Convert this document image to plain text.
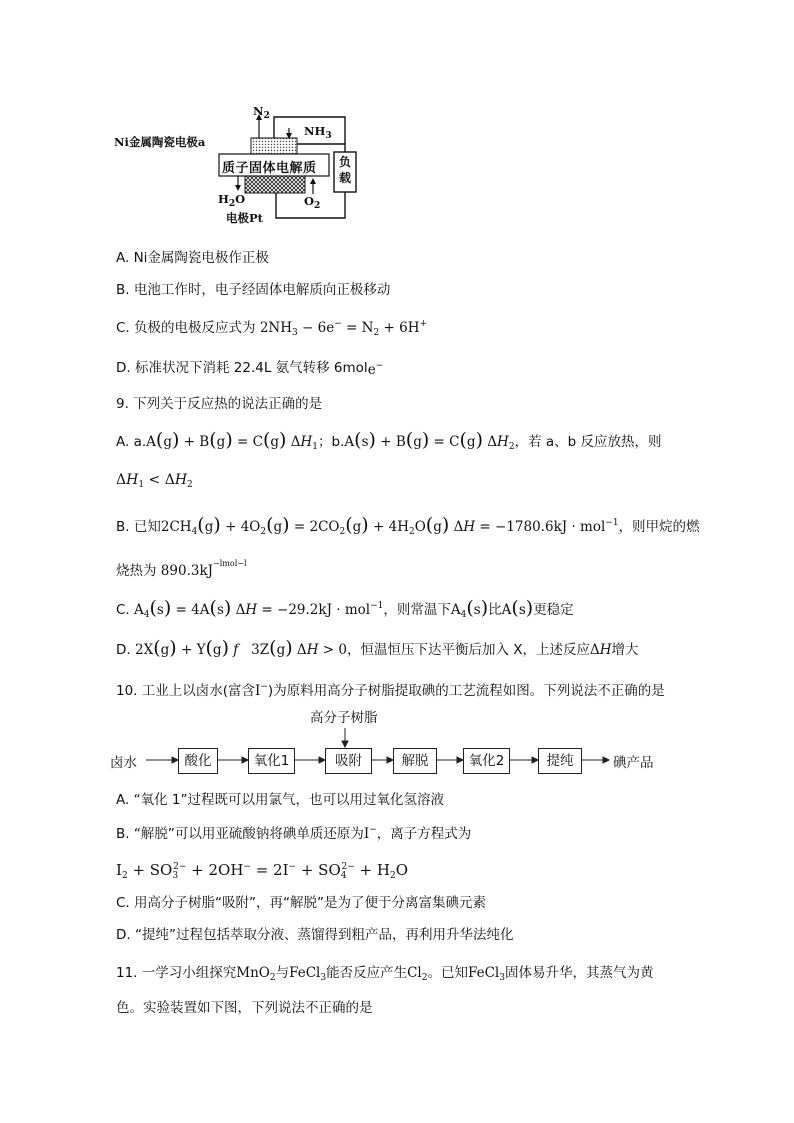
Ni金属陶瓷电极a
$N_2$
$NH_3$
质子固体电解质 负载
$H_2O$	$O_2$
电极Pt
A. Ni金属陶瓷电极作正极
B. 电池工作时，电子经固体电解质向正极移动
C. 负极的电极反应式为 $2NH_3 - 6e^- = N_2 + 6H^+$
D. 标准状况下消耗 22.4L 氨气转移 6mole−
9. 下列关于反应热的说法正确的是
A. a.A(g) + B(g) = C(g) $\Delta H_1$；b.A(s) + B(g) = C(g) $\Delta H_2$，若 a、b 反应放热，则
$\Delta H_1 < \Delta H_2$
B. 已知$2CH_4(g) + 4O_2(g) = 2CO_2(g) + 4H_2O(g) \Delta H = -1780.6kJ \cdot mol^{-1}$，则甲烷的燃
烧热为 $890.3kJ^{-lmol-l}$
C. $A_4(s) = 4A(s) \Delta H = -29.2kJ \cdot mol^{-1}$，则常温下$A_4(s)$比A(s)更稳定
D. 2X(g) + Y(g) f   3Z(g) ΔH > 0，恒温恒压下达平衡后加入 X，上述反应ΔH增大
10. 工业上以卤水(富含I−)为原料用高分子树脂提取碘的工艺流程如图。下列说法不正确的是
高分子树脂
卤水	酸化	氧化1	吸附	解脱	氧化2	提纯	碘产品
A. “氧化 1”过程既可以用氯气，也可以用过氧化氢溶液
B. “解脱”可以用亚硫酸钠将碘单质还原为I−，离子方程式为
$I_2 + SO_3^{2-} + 2OH^- = 2I^- + SO_4^{2-} + H_2O$
C. 用高分子树脂“吸附”，再“解脱”是为了便于分离富集碘元素
D. “提纯”过程包括萃取分液、蒸馏得到粗产品，再利用升华法纯化
11. 一学习小组探究MnO$_2$与FeCl$_3$能否反应产生$Cl_2$。已知FeCl$_3$固体易升华，其蒸气为黄
色。实验装置如下图，下列说法不正确的是
